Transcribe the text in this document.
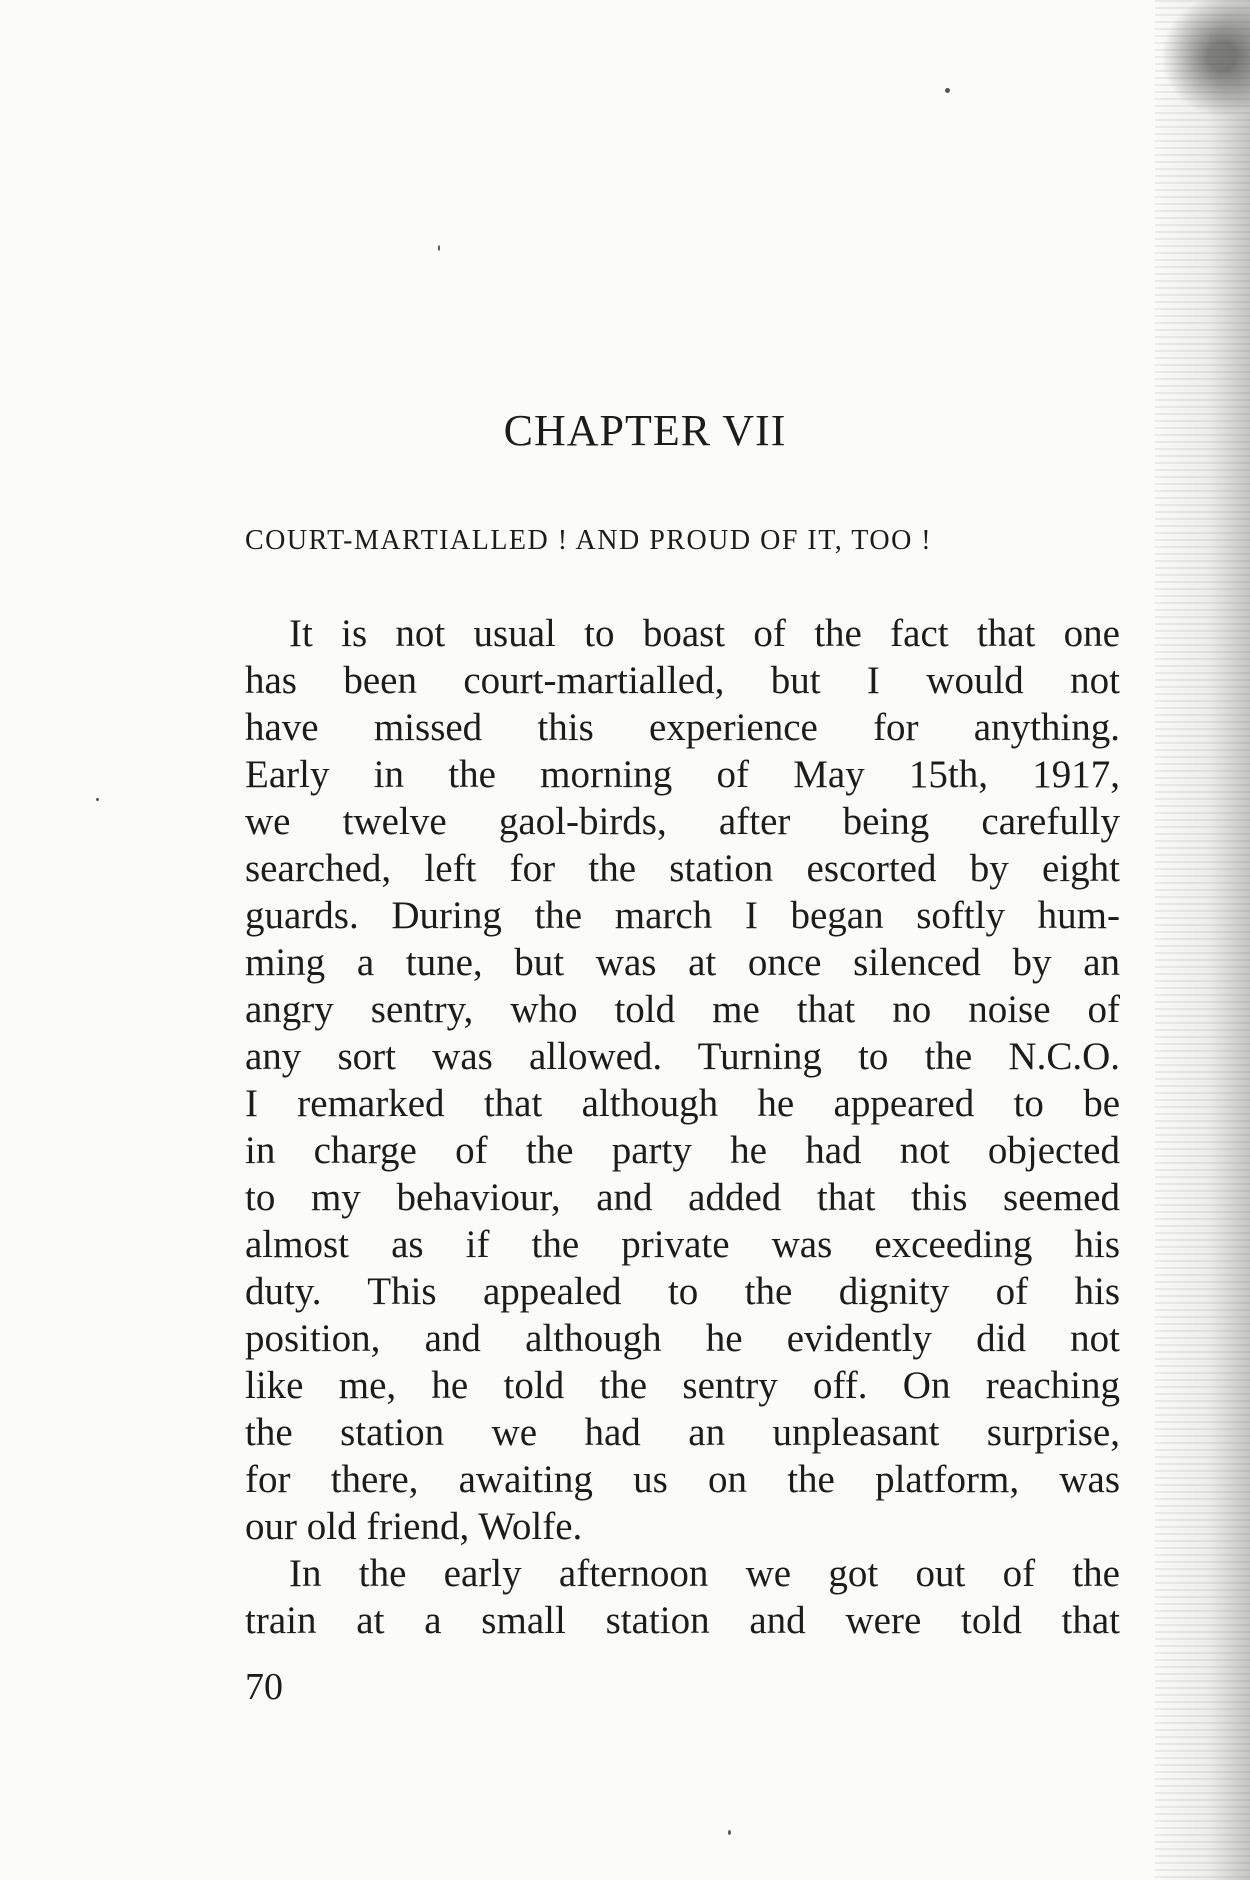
CHAPTER VII
COURT-MARTIALLED ! AND PROUD OF IT, TOO !
It is not usual to boast of the fact that one
has been court-martialled, but I would not
have missed this experience for anything.
Early in the morning of May 15th, 1917,
we twelve gaol-birds, after being carefully
searched, left for the station escorted by eight
guards. During the march I began softly hum-
ming a tune, but was at once silenced by an
angry sentry, who told me that no noise of
any sort was allowed. Turning to the N.C.O.
I remarked that although he appeared to be
in charge of the party he had not objected
to my behaviour, and added that this seemed
almost as if the private was exceeding his
duty. This appealed to the dignity of his
position, and although he evidently did not
like me, he told the sentry off. On reaching
the station we had an unpleasant surprise,
for there, awaiting us on the platform, was
our old friend, Wolfe.
In the early afternoon we got out of the
train at a small station and were told that
70
